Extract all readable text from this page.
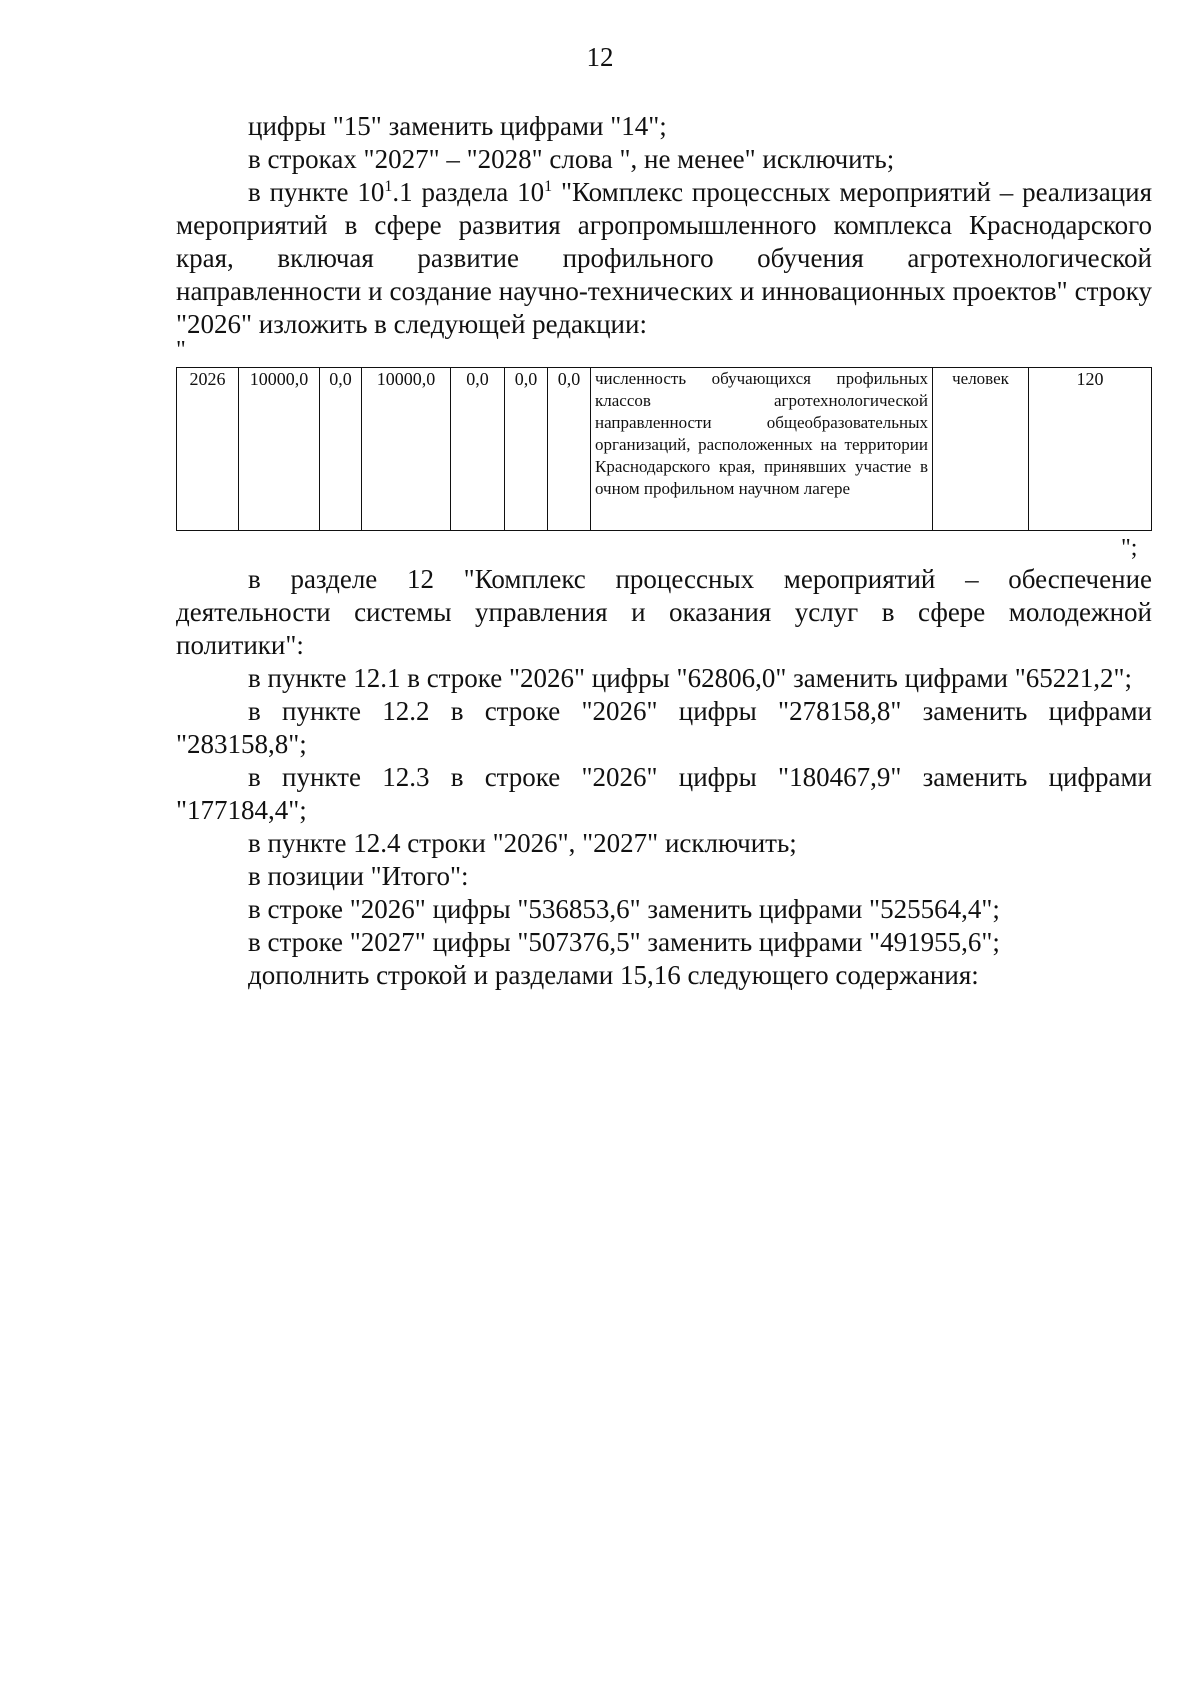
12

цифры "15" заменить цифрами "14";

в строках "2027" – "2028" слова ", не менее" исключить;

в пункте $10^1.1$ раздела $10^1$ "Комплекс процессных мероприятий – реализация мероприятий в сфере развития агропромышленного комплекса Краснодарского края, включая развитие профильного обучения агротехнологической направленности и создание научно-технических и инновационных проектов" строку "2026" изложить в следующей редакции:

"
2026	10000,0	0,0	10000,0	0,0	0,0	0,0	численность обучающихся профильных классов агротехнологической направленности общеобразовательных организаций, расположенных на территории Краснодарского края, принявших участие в очном профильном научном лагере	человек	120
";

в разделе 12 "Комплекс процессных мероприятий – обеспечение деятельности системы управления и оказания услуг в сфере молодежной политики":

в пункте 12.1 в строке "2026" цифры "62806,0" заменить цифрами "65221,2";

в пункте 12.2 в строке "2026" цифры "278158,8" заменить цифрами "283158,8";

в пункте 12.3 в строке "2026" цифры "180467,9" заменить цифрами "177184,4";

в пункте 12.4 строки "2026", "2027" исключить;

в позиции "Итого":

в строке "2026" цифры "536853,6" заменить цифрами "525564,4";

в строке "2027" цифры "507376,5" заменить цифрами "491955,6";

дополнить строкой и разделами 15,16 следующего содержания:
